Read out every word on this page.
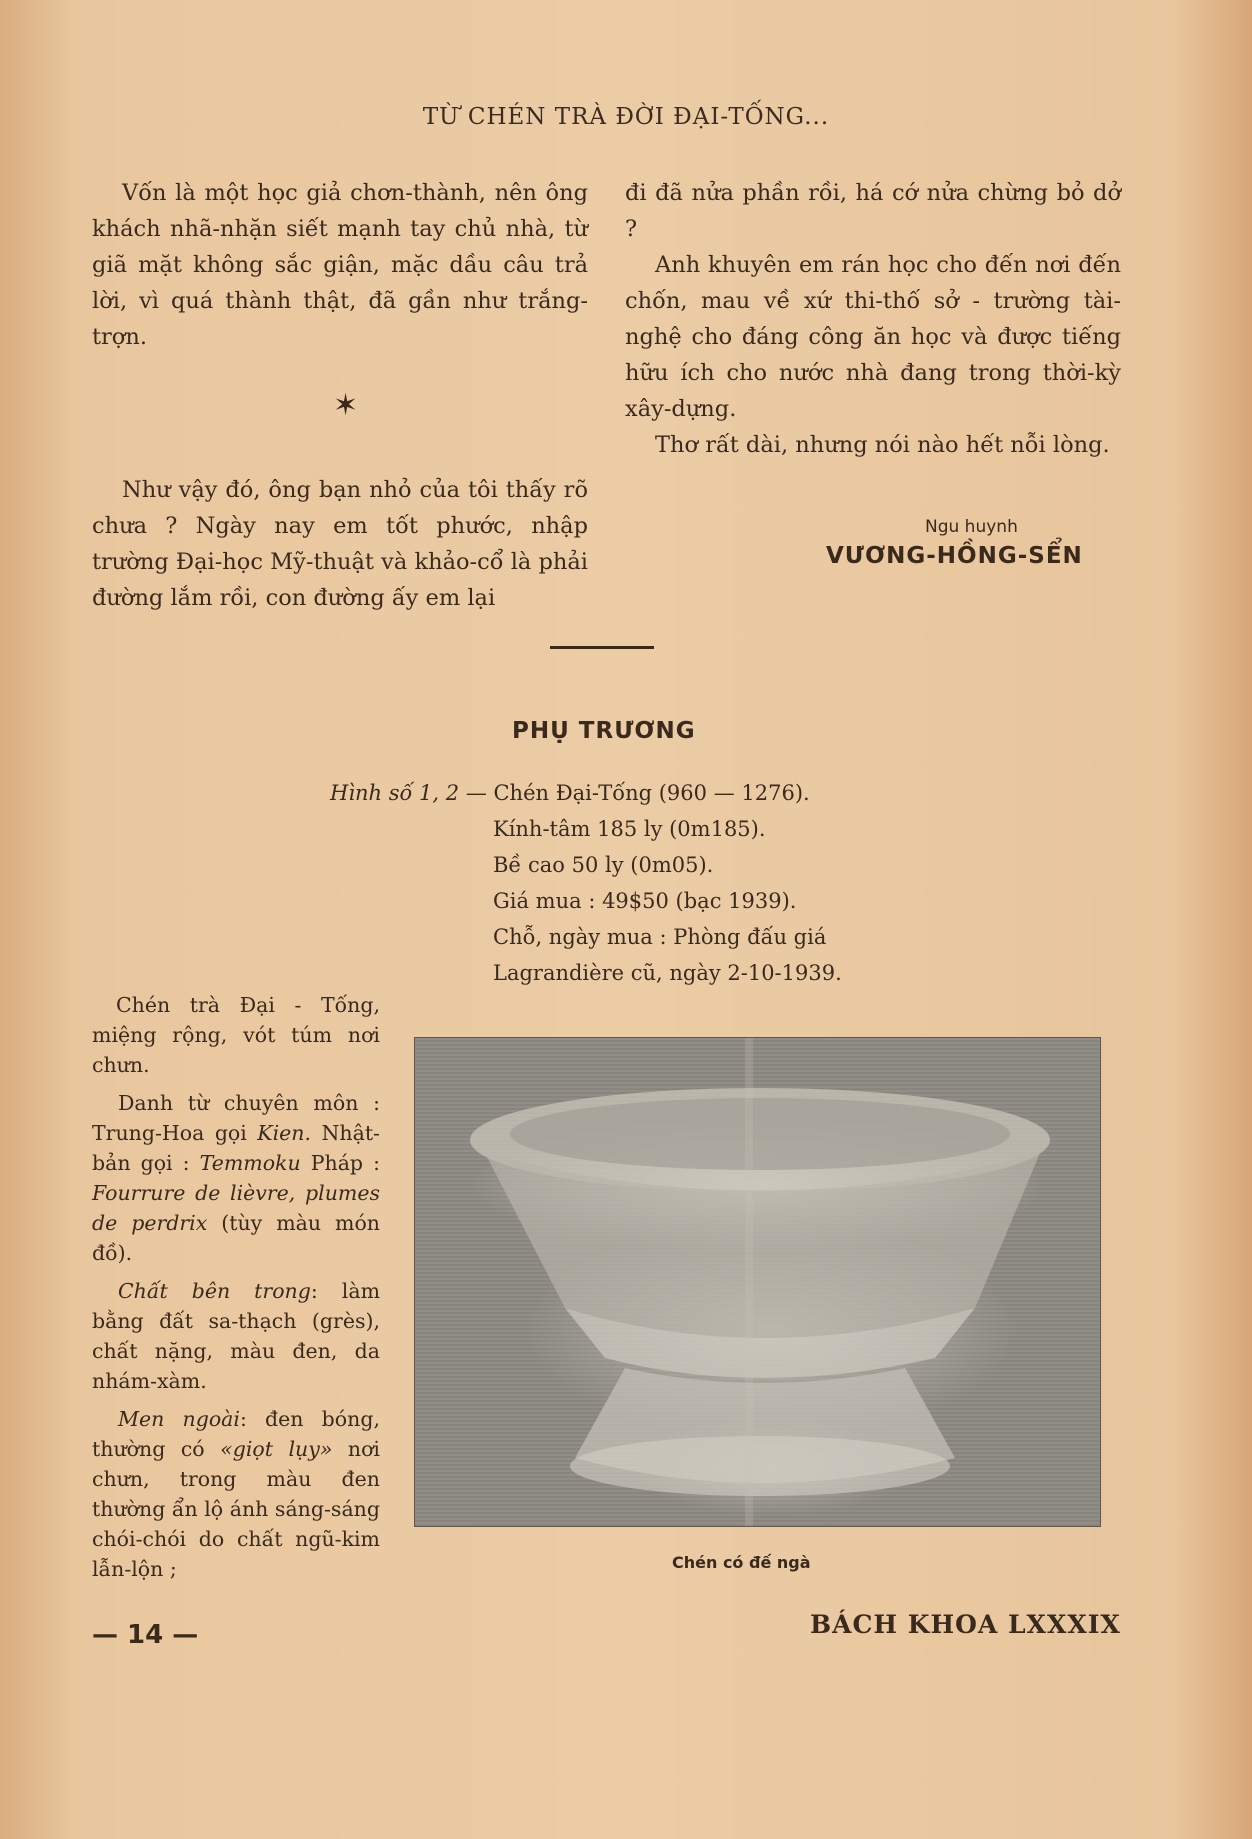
TỪ CHÉN TRÀ ĐỜI ĐẠI-TỐNG...

Vốn là một học giả chơn-thành, nên ông khách nhã-nhặn siết mạnh tay chủ nhà, từ giã mặt không sắc giận, mặc dầu câu trả lời, vì quá thành thật, đã gần như trắng-trợn.

✶

Như vậy đó, ông bạn nhỏ của tôi thấy rõ chưa ? Ngày nay em tốt phước, nhập trường Đại-học Mỹ-thuật và khảo-cổ là phải đường lắm rồi, con đường ấy em lại

đi đã nửa phần rồi, há cớ nửa chừng bỏ dở ?

Anh khuyên em rán học cho đến nơi đến chốn, mau về xứ thi-thố sở - trường tài-nghệ cho đáng công ăn học và được tiếng hữu ích cho nước nhà đang trong thời-kỳ xây-dựng.

Thơ rất dài, nhưng nói nào hết nỗi lòng.

Ngu huynh
VƯƠNG-HỒNG-SỂN
PHỤ TRƯƠNG
Hình số 1, 2 — Chén Đại-Tống (960 — 1276).
Kính-tâm 185 ly (0m185).
Bề cao 50 ly (0m05).
Giá mua : 49$50 (bạc 1939).
Chỗ, ngày mua : Phòng đấu giá
Lagrandière cũ, ngày 2-10-1939.

Chén trà Đại - Tống, miệng rộng, vót túm nơi chưn.

Danh từ chuyên môn : Trung-Hoa gọi Kien. Nhật-bản gọi : Temmoku Pháp : Fourrure de lièvre, plumes de perdrix (tùy màu món đồ).

Chất bên trong: làm bằng đất sa-thạch (grès), chất nặng, màu đen, da nhám-xàm.

Men ngoài: đen bóng, thường có «giọt lụy» nơi chưn, trong màu đen thường ẩn lộ ánh sáng-sáng chói-chói do chất ngũ-kim lẫn-lộn ;	Chén có đế ngà
— 14 —	BÁCH KHOA LXXXIX
